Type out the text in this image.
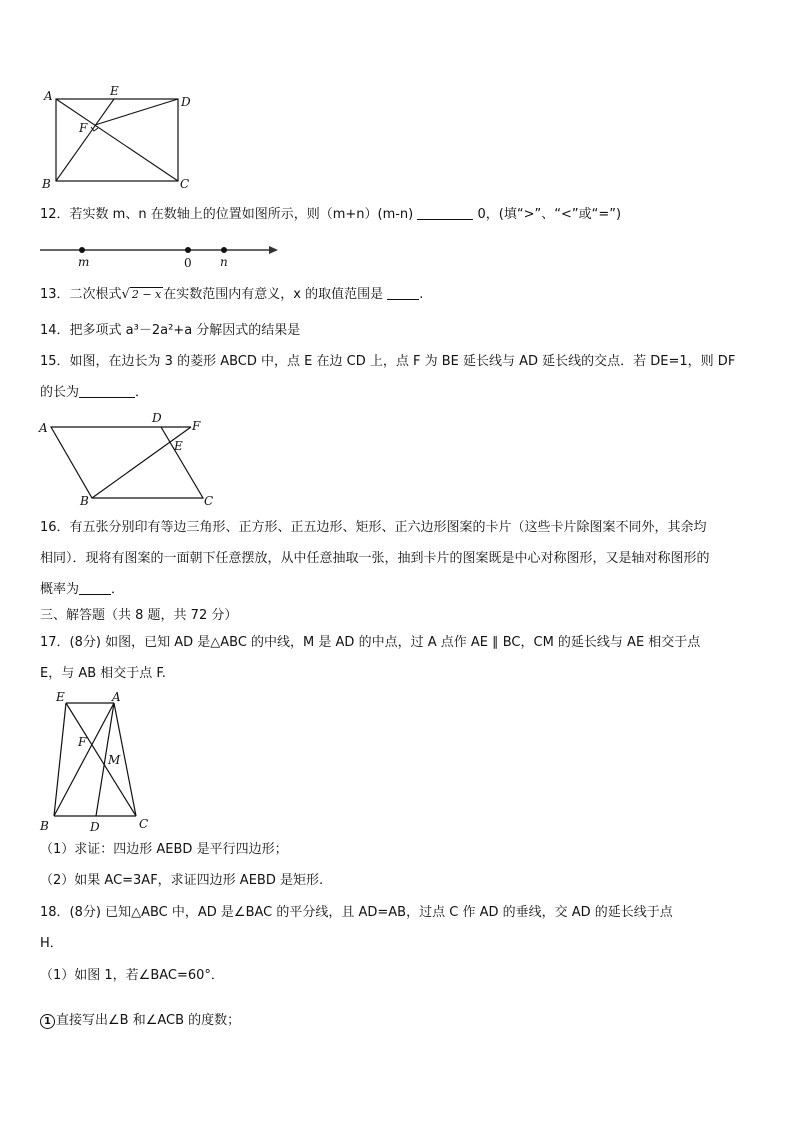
A	E
D
F
B	C
12．若实数 m、n 在数轴上的位置如图所示，则（m+n）(m-n)	0，(填“>”、“<”或“=”)
m	0 n
13．二次根式√ 2 − x 在实数范围内有意义，x 的取值范围是	.
14．把多项式 a³－2a²+a 分解因式的结果是
15．如图，在边长为 3 的菱形 ABCD 中，点 E 在边 CD 上，点 F 为 BE 延长线与 AD 延长线的交点．若 DE=1，则 DF
的长为	．
A
D
F
E
B	C
16．有五张分别印有等边三角形、正方形、正五边形、矩形、正六边形图案的卡片（这些卡片除图案不同外，其余均
相同）．现将有图案的一面朝下任意摆放，从中任意抽取一张，抽到卡片的图案既是中心对称图形，又是轴对称图形的
概率为 ．
三、解答题（共 8 题，共 72 分）
17．(8分) 如图，已知 AD 是△ABC 的中线，M 是 AD 的中点，过 A 点作 AE ∥ BC，CM 的延长线与 AE 相交于点
E，与 AB 相交于点 F.
E	A
F
M
B	D	C
（1）求证：四边形 AEBD 是平行四边形；
（2）如果 AC=3AF，求证四边形 AEBD 是矩形.
18．(8分) 已知△ABC 中，AD 是∠BAC 的平分线，且 AD=AB，过点 C 作 AD 的垂线，交 AD 的延长线于点
H．
（1）如图 1，若∠BAC=60°．
1 直接写出∠B 和∠ACB 的度数；
